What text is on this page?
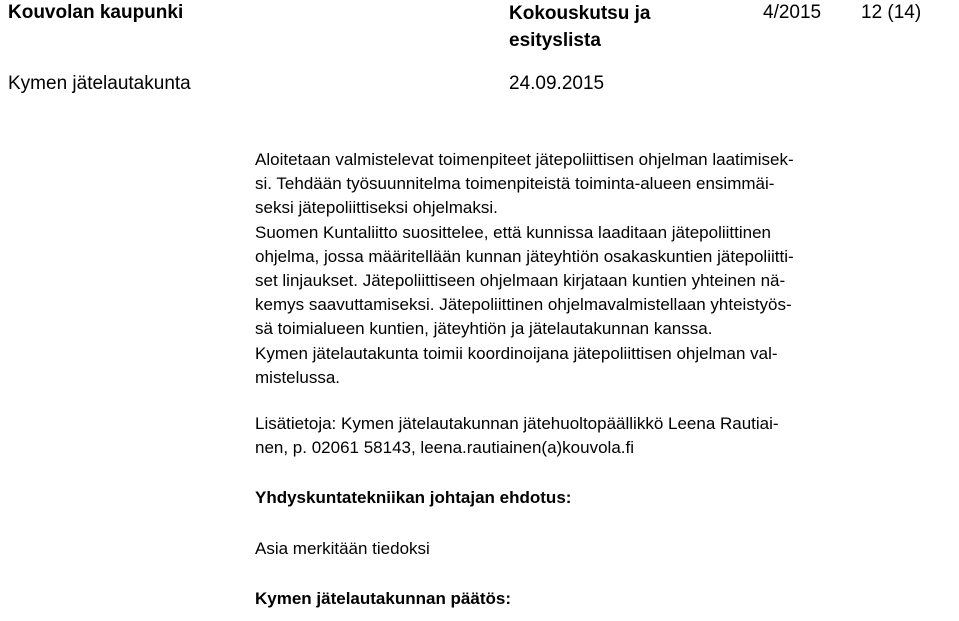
Kouvolan kaupunki	Kokouskutsu ja esityslista
4/2015 12 (14)
Kymen jätelautakunta	24.09.2015

Aloitetaan valmistelevat toimenpiteet jätepoliittisen ohjelman laatimisek-
si. Tehdään työsuunnitelma toimenpiteistä toiminta-alueen ensimmäi-
seksi jätepoliittiseksi ohjelmaksi.
Suomen Kuntaliitto suosittelee, että kunnissa laaditaan jätepoliittinen
ohjelma, jossa määritellään kunnan jäteyhtiön osakaskuntien jätepoliitti-
set linjaukset. Jätepoliittiseen ohjelmaan kirjataan kuntien yhteinen nä-
kemys saavuttamiseksi. Jätepoliittinen ohjelmavalmistellaan yhteistyös-
sä toimialueen kuntien, jäteyhtiön ja jätelautakunnan kanssa.
Kymen jätelautakunta toimii koordinoijana jätepoliittisen ohjelman val-
mistelussa.

Lisätietoja: Kymen jätelautakunnan jätehuoltopäällikkö Leena Rautiai-
nen, p. 02061 58143, leena.rautiainen(a)kouvola.fi

Yhdyskuntatekniikan johtajan ehdotus:

Asia merkitään tiedoksi

Kymen jätelautakunnan päätös:
